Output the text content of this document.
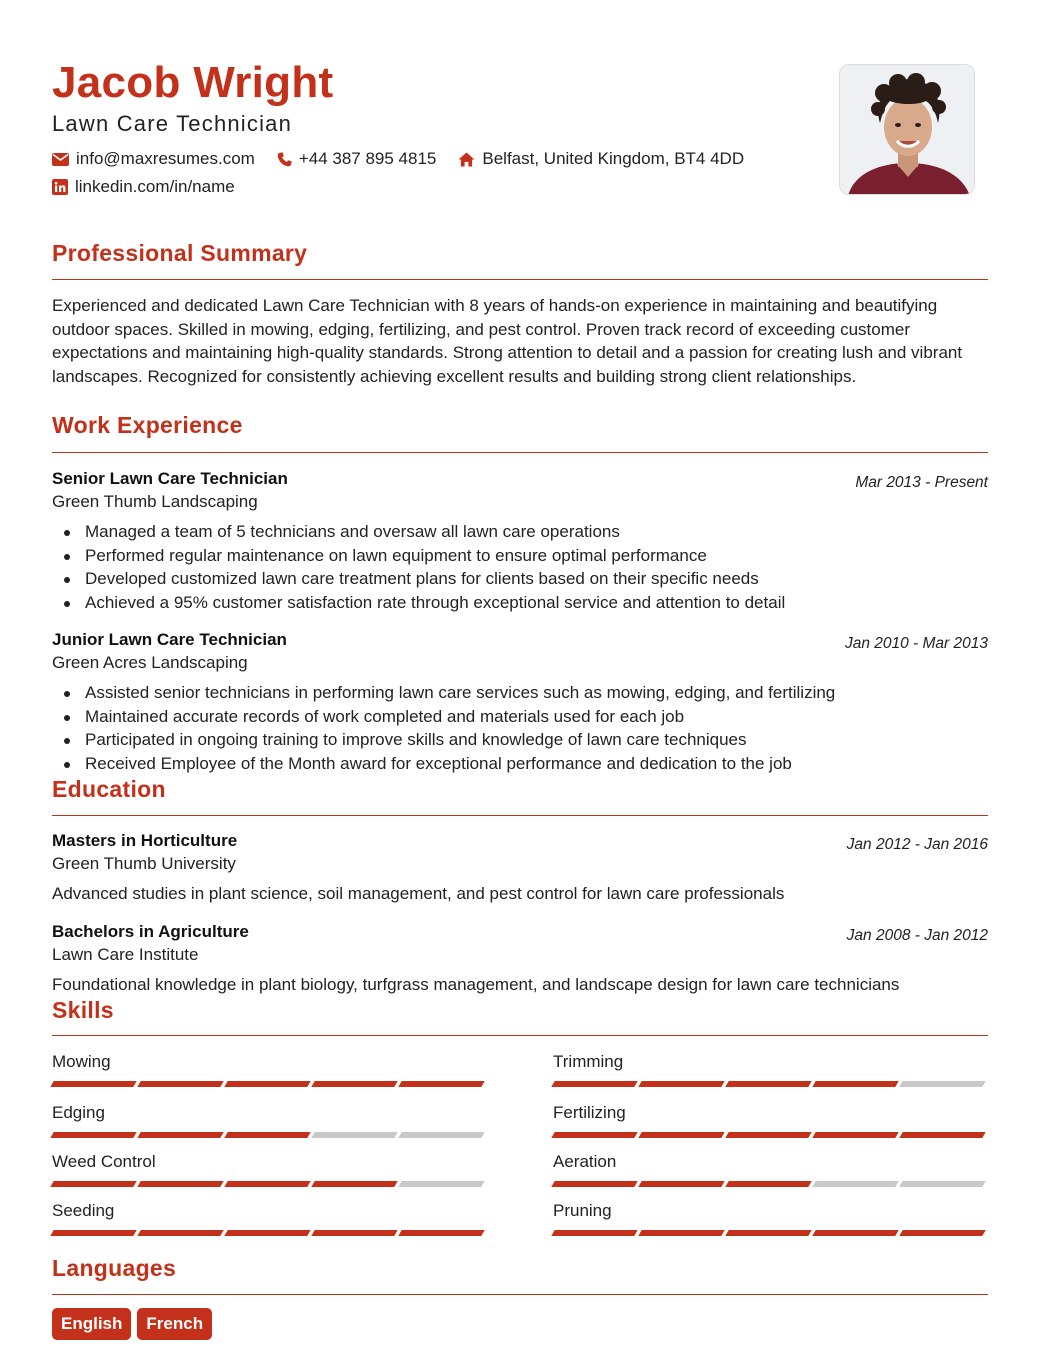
Jacob Wright
Lawn Care Technician
info@maxresumes.com	+44 387 895 4815	Belfast, United Kingdom, BT4 4DD
linkedin.com/in/name
Professional Summary
Experienced and dedicated Lawn Care Technician with 8 years of hands-on experience in maintaining and beautifying outdoor spaces. Skilled in mowing, edging, fertilizing, and pest control. Proven track record of exceeding customer expectations and maintaining high-quality standards. Strong attention to detail and a passion for creating lush and vibrant landscapes. Recognized for consistently achieving excellent results and building strong client relationships.
Work Experience
Senior Lawn Care Technician	Mar 2013 - Present
Green Thumb Landscaping
Managed a team of 5 technicians and oversaw all lawn care operations
Performed regular maintenance on lawn equipment to ensure optimal performance
Developed customized lawn care treatment plans for clients based on their specific needs
Achieved a 95% customer satisfaction rate through exceptional service and attention to detail
Junior Lawn Care Technician	Jan 2010 - Mar 2013
Green Acres Landscaping
Assisted senior technicians in performing lawn care services such as mowing, edging, and fertilizing
Maintained accurate records of work completed and materials used for each job
Participated in ongoing training to improve skills and knowledge of lawn care techniques
Received Employee of the Month award for exceptional performance and dedication to the job
Education
Masters in Horticulture	Jan 2012 - Jan 2016
Green Thumb University
Advanced studies in plant science, soil management, and pest control for lawn care professionals
Bachelors in Agriculture	Jan 2008 - Jan 2012
Lawn Care Institute
Foundational knowledge in plant biology, turfgrass management, and landscape design for lawn care technicians
Skills
Mowing	Trimming
Edging	Fertilizing
Weed Control	Aeration
Seeding	Pruning
Languages
English	French
